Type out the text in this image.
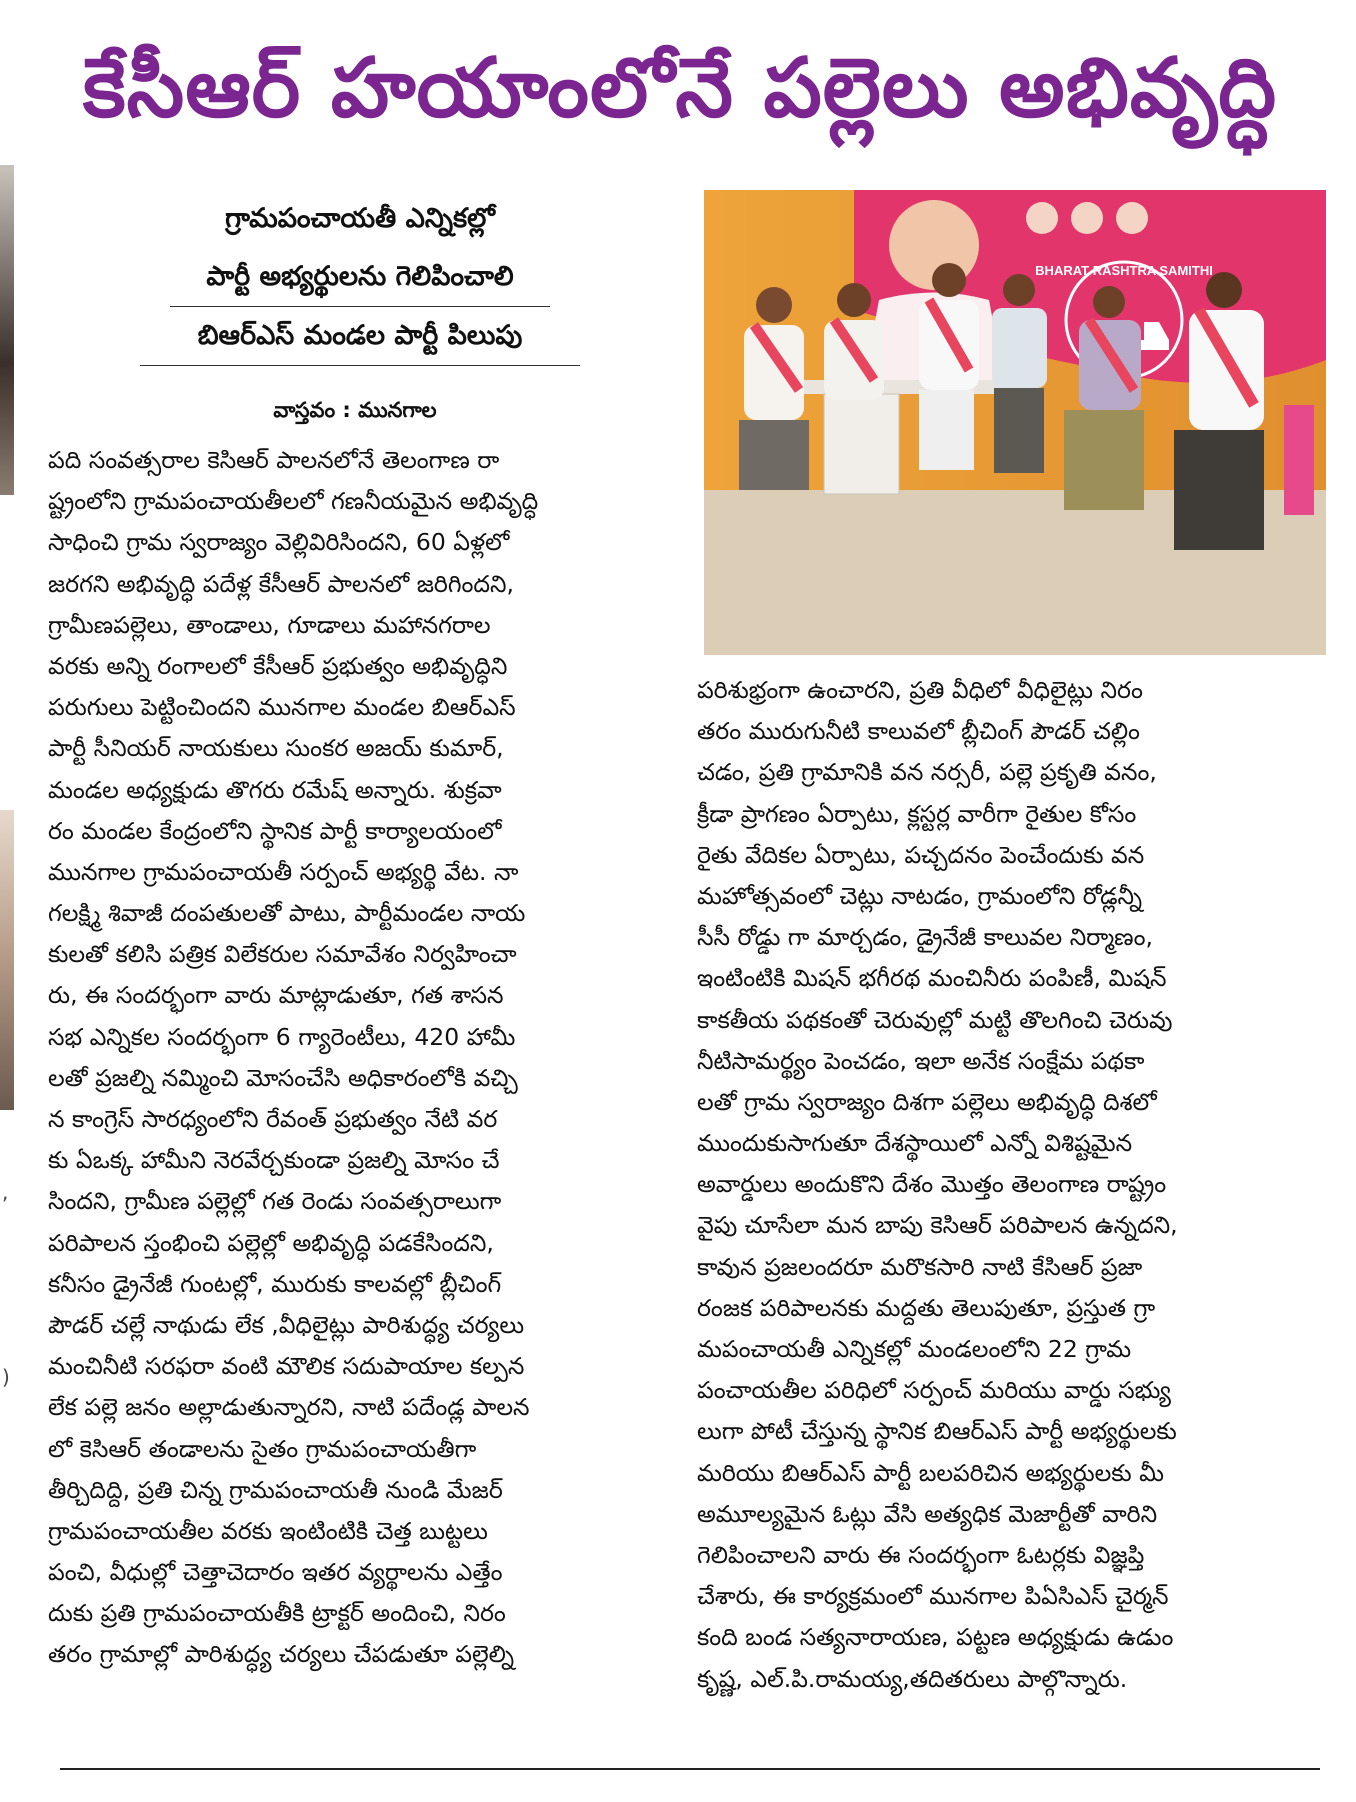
కేసీఆర్ హయాంలోనే పల్లెలు అభివృద్ధి
,
)
గ్రామపంచాయతీ ఎన్నికల్లో
పార్టీ అభ్యర్థులను గెలిపించాలి
బిఆర్ఎస్ మండల పార్టీ పిలుపు
వాస్తవం : మునగాల
BHARAT RASHTRA SAMITHI
పది సంవత్సరాల కెసిఆర్ పాలనలోనే తెలంగాణ రా
ష్ట్రంలోని గ్రామపంచాయతీలలో గణనీయమైన అభివృద్ధి
సాధించి గ్రామ స్వరాజ్యం వెల్లివిరిసిందని, 60 ఏళ్లలో
జరగని అభివృద్ధి పదేళ్ల కేసీఆర్ పాలనలో జరిగిందని,
గ్రామీణపల్లెలు, తాండాలు, గూడాలు మహానగరాల
వరకు అన్ని రంగాలలో కేసీఆర్ ప్రభుత్వం అభివృద్ధిని
పరుగులు పెట్టించిందని మునగాల మండల బిఆర్ఎస్
పార్టీ సీనియర్ నాయకులు సుంకర అజయ్ కుమార్,
మండల అధ్యక్షుడు తొగరు రమేష్ అన్నారు. శుక్రవా
రం మండల కేంద్రంలోని స్థానిక పార్టీ కార్యాలయంలో
మునగాల గ్రామపంచాయతీ సర్పంచ్ అభ్యర్థి వేట. నా
గలక్ష్మి శివాజీ దంపతులతో పాటు, పార్టీమండల నాయ
కులతో కలిసి పత్రిక విలేకరుల సమావేశం నిర్వహించా
రు, ఈ సందర్భంగా వారు మాట్లాడుతూ, గత శాసన
సభ ఎన్నికల సందర్భంగా 6 గ్యారెంటీలు, 420 హామీ
లతో ప్రజల్ని నమ్మించి మోసంచేసి అధికారంలోకి వచ్చి
న కాంగ్రెస్ సారధ్యంలోని రేవంత్ ప్రభుత్వం నేటి వర
కు ఏఒక్క హామీని నెరవేర్చకుండా ప్రజల్ని మోసం చే
సిందని, గ్రామీణ పల్లెల్లో గత రెండు సంవత్సరాలుగా
పరిపాలన స్తంభించి పల్లెల్లో అభివృద్ధి పడకేసిందని,
కనీసం డ్రైనేజీ గుంటల్లో, మురుకు కాలవల్లో బ్లీచింగ్
పౌడర్ చల్లే నాథుడు లేక ,వీధిలైట్లు పారిశుద్ధ్య చర్యలు
మంచినీటి సరఫరా వంటి మౌలిక సదుపాయాల కల్పన
లేక పల్లె జనం అల్లాడుతున్నారని, నాటి పదేండ్ల పాలన
లో కెసిఆర్ తండాలను సైతం గ్రామపంచాయతీగా
తీర్చిదిద్ది, ప్రతి చిన్న గ్రామపంచాయతీ నుండి మేజర్
గ్రామపంచాయతీల వరకు ఇంటింటికి చెత్త బుట్టలు
పంచి, వీధుల్లో చెత్తాచెదారం ఇతర వ్యర్థాలను ఎత్తేం
దుకు ప్రతి గ్రామపంచాయతీకి ట్రాక్టర్ అందించి, నిరం
తరం గ్రామాల్లో పారిశుద్ధ్య చర్యలు చేపడుతూ పల్లెల్ని
పరిశుభ్రంగా ఉంచారని, ప్రతి వీధిలో వీధిలైట్లు నిరం
తరం మురుగునీటి కాలువలో బ్లీచింగ్ పౌడర్ చల్లిం
చడం, ప్రతి గ్రామానికి వన నర్సరీ, పల్లె ప్రకృతి వనం,
క్రీడా ప్రాగణం ఏర్పాటు, క్లస్టర్ల వారీగా రైతుల కోసం
రైతు వేదికల ఏర్పాటు, పచ్చదనం పెంచేందుకు వన
మహోత్సవంలో చెట్లు నాటడం, గ్రామంలోని రోడ్లన్నీ
సీసీ రోడ్డు గా మార్చడం, డ్రైనేజీ కాలువల నిర్మాణం,
ఇంటింటికి మిషన్ భగీరథ మంచినీరు పంపిణీ, మిషన్
కాకతీయ పథకంతో చెరువుల్లో మట్టి తొలగించి చెరువు
నీటిసామర్థ్యం పెంచడం, ఇలా అనేక సంక్షేమ పథకా
లతో గ్రామ స్వరాజ్యం దిశగా పల్లెలు అభివృద్ధి దిశలో
ముందుకుసాగుతూ దేశస్థాయిలో ఎన్నో విశిష్టమైన
అవార్డులు అందుకొని దేశం మొత్తం తెలంగాణ రాష్ట్రం
వైపు చూసేలా మన బాపు కెసిఆర్ పరిపాలన ఉన్నదని,
కావున ప్రజలందరూ మరొకసారి నాటి కేసిఆర్ ప్రజా
రంజక పరిపాలనకు మద్దతు తెలుపుతూ, ప్రస్తుత గ్రా
మపంచాయతీ ఎన్నికల్లో మండలంలోని 22 గ్రామ
పంచాయతీల పరిధిలో సర్పంచ్ మరియు వార్డు సభ్యు
లుగా పోటీ చేస్తున్న స్థానిక బిఆర్ఎస్ పార్టీ అభ్యర్థులకు
మరియు బిఆర్ఎస్ పార్టీ బలపరిచిన అభ్యర్థులకు మీ
అమూల్యమైన ఓట్లు వేసి అత్యధిక మెజార్టీతో వారిని
గెలిపించాలని వారు ఈ సందర్భంగా ఓటర్లకు విజ్ఞప్తి
చేశారు, ఈ కార్యక్రమంలో మునగాల పిఏసిఎస్ చైర్మన్
కంది బండ సత్యనారాయణ, పట్టణ అధ్యక్షుడు ఉడుం
కృష్ణ, ఎల్.పి.రామయ్య,తదితరులు పాల్గొన్నారు.
